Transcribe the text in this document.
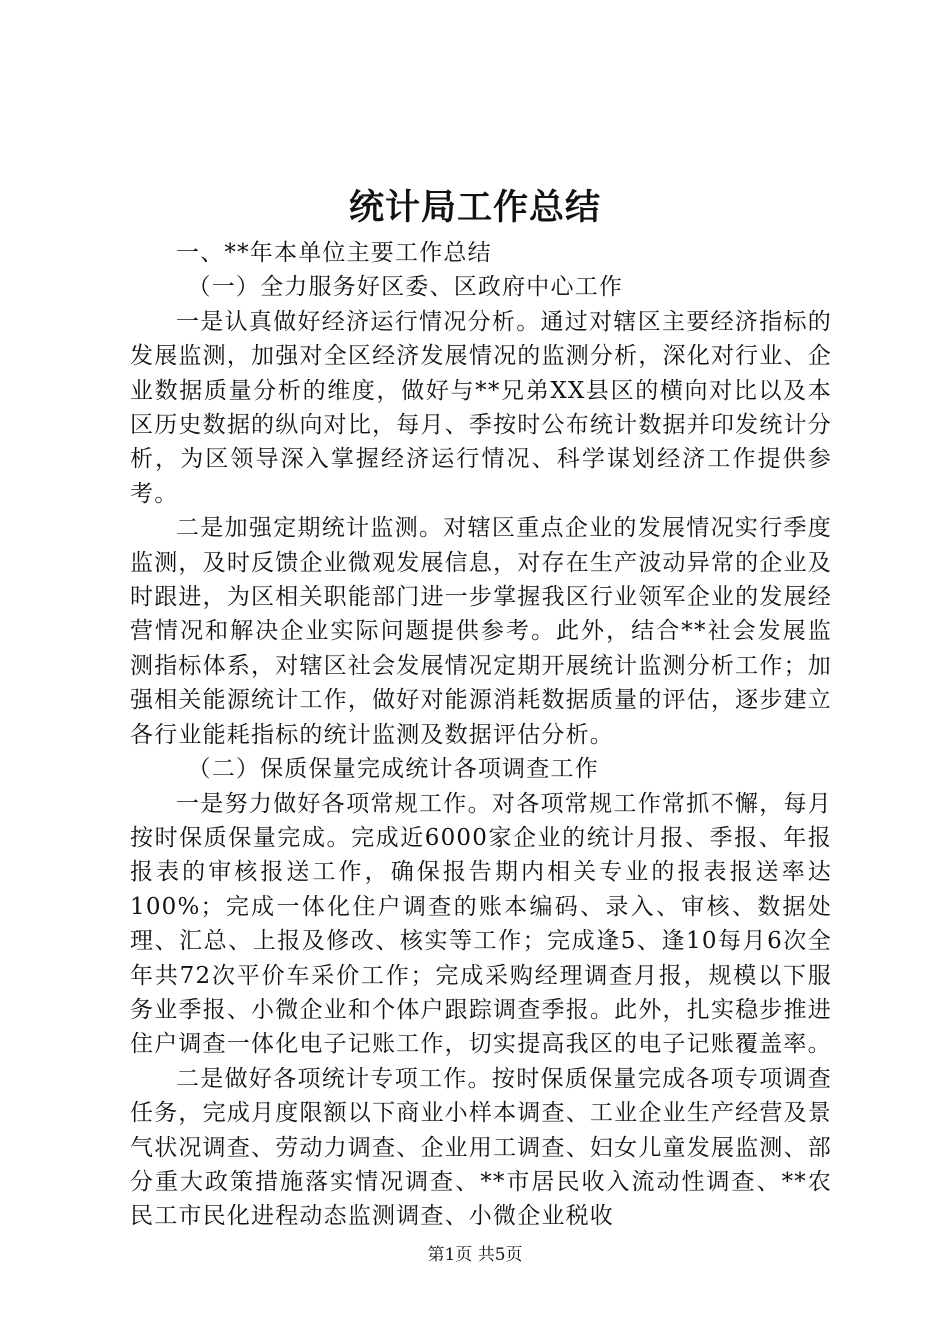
统计局工作总结

一、**年本单位主要工作总结

（一）全力服务好区委、区政府中心工作

一是认真做好经济运行情况分析。通过对辖区主要经济指标的发展监测，加强对全区经济发展情况的监测分析，深化对行业、企业数据质量分析的维度，做好与**兄弟XX县区的横向对比以及本区历史数据的纵向对比，每月、季按时公布统计数据并印发统计分析，为区领导深入掌握经济运行情况、科学谋划经济工作提供参考。

二是加强定期统计监测。对辖区重点企业的发展情况实行季度监测，及时反馈企业微观发展信息，对存在生产波动异常的企业及时跟进，为区相关职能部门进一步掌握我区行业领军企业的发展经营情况和解决企业实际问题提供参考。此外，结合**社会发展监测指标体系，对辖区社会发展情况定期开展统计监测分析工作；加强相关能源统计工作，做好对能源消耗数据质量的评估，逐步建立各行业能耗指标的统计监测及数据评估分析。

（二）保质保量完成统计各项调查工作

一是努力做好各项常规工作。对各项常规工作常抓不懈，每月按时保质保量完成。完成近6000家企业的统计月报、季报、年报报表的审核报送工作，确保报告期内相关专业的报表报送率达100%；完成一体化住户调查的账本编码、录入、审核、数据处理、汇总、上报及修改、核实等工作；完成逢5、逢10每月6次全年共72次平价车采价工作；完成采购经理调查月报，规模以下服务业季报、小微企业和个体户跟踪调查季报。此外，扎实稳步推进住户调查一体化电子记账工作，切实提高我区的电子记账覆盖率。

二是做好各项统计专项工作。按时保质保量完成各项专项调查任务，完成月度限额以下商业小样本调查、工业企业生产经营及景气状况调查、劳动力调查、企业用工调查、妇女儿童发展监测、部分重大政策措施落实情况调查、**市居民收入流动性调查、**农民工市民化进程动态监测调查、小微企业税收

第1页 共5页
